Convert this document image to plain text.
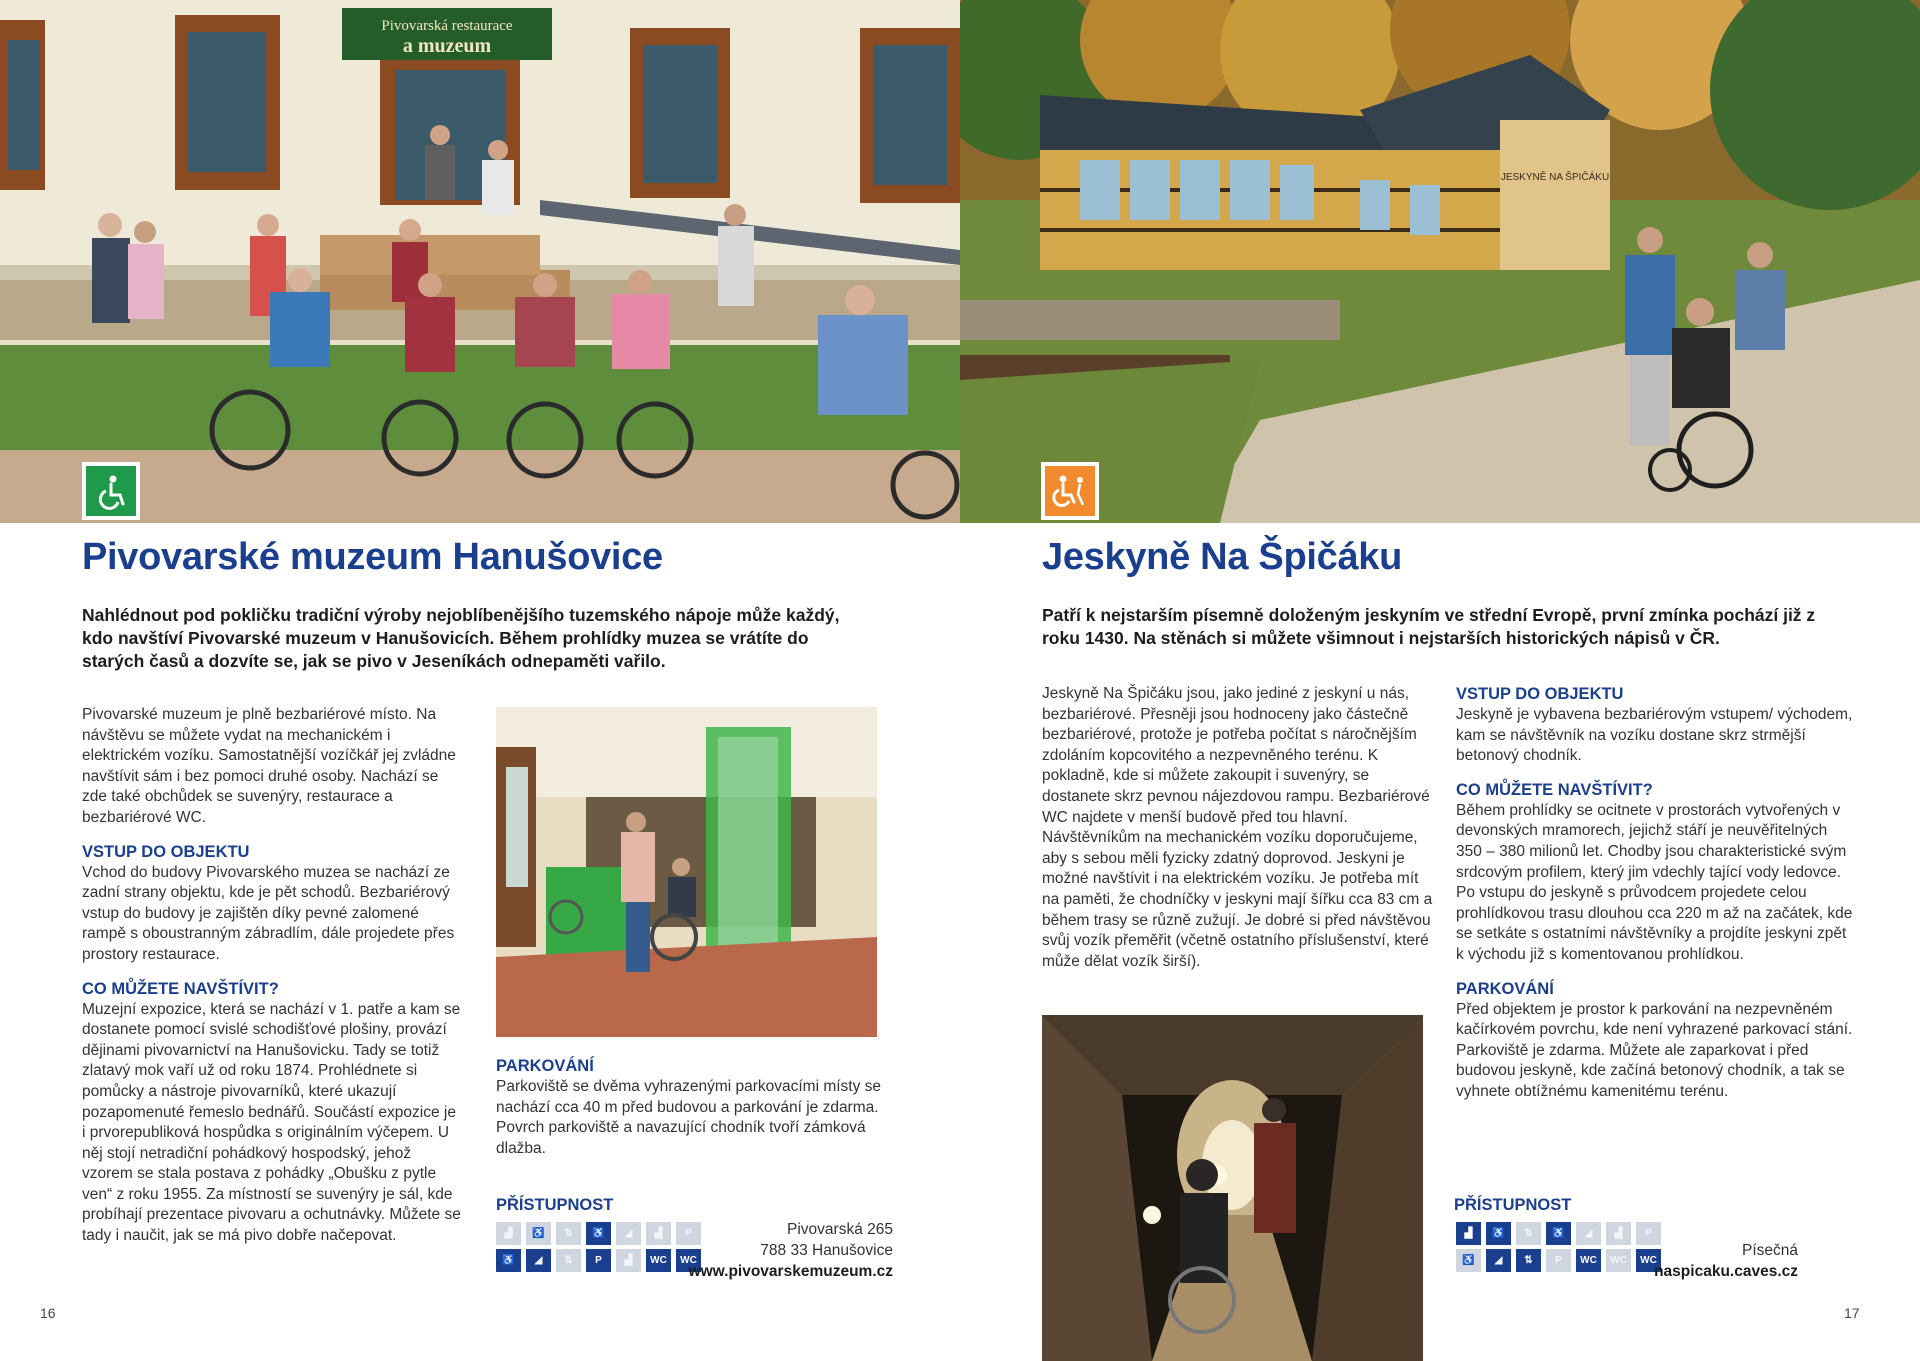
Pivovarská restaurace
a muzeum
Pivovarské muzeum Hanušovice

Nahlédnout pod pokličku tradiční výroby nejoblíbenějšího tuzemského nápoje může každý, kdo navštíví Pivovarské muzeum v Hanušovicích. Během prohlídky muzea se vrátíte do starých časů a dozvíte se, jak se pivo v Jeseníkách odnepaměti vařilo.

Pivovarské muzeum je plně bezbariérové místo. Na návštěvu se můžete vydat na mechanickém i elektrickém vozíku. Samostatnější vozíčkář jej zvládne navštívit sám i bez pomoci druhé osoby. Nachází se zde také obchůdek se suvenýry, restaurace a bezbariérové WC.

VSTUP DO OBJEKTU

Vchod do budovy Pivovarského muzea se nachází ze zadní strany objektu, kde je pět schodů. Bezbariérový vstup do budovy je zajištěn díky pevné zalomené rampě s oboustranným zábradlím, dále projedete přes prostory restaurace.

CO MŮŽETE NAVŠTÍVIT?

Muzejní expozice, která se nachází v 1. patře a kam se dostanete pomocí svislé schodišťové plošiny, provází dějinami pivovarnictví na Hanušovicku. Tady se totiž zlatavý mok vaří už od roku 1874. Prohlédnete si pomůcky a nástroje pivovarníků, které ukazují pozapomenuté řemeslo bednářů. Součástí expozice je i prvorepubliková hospůdka s originálním výčepem. U něj stojí netradiční pohádkový hospodský, jehož vzorem se stala postava z pohádky „Obušku z pytle ven“ z roku 1955. Za místností se suvenýry je sál, kde probíhají prezentace pivovaru a ochutnávky. Můžete se tady i naučit, jak se má pivo dobře načepovat.

PARKOVÁNÍ

Parkoviště se dvěma vyhrazenými parkovacími místy se nachází cca 40 m před budovou a parkování je zdarma. Povrch parkoviště a navazující chodník tvoří zámková dlažba.

PŘÍSTUPNOST
▟	♿	⇅	♿	◢	▟	P
♿	◢	⇅	P	▟	WC	WC
Pivovarská 265
788 33 Hanušovice
www.pivovarskemuzeum.cz
16
JESKYNĚ NA ŠPIČÁKU
Jeskyně Na Špičáku

Patří k nejstarším písemně doloženým jeskyním ve střední Evropě, první zmínka pochází již z roku 1430. Na stěnách si můžete všimnout i nejstarších historických nápisů v ČR.

Jeskyně Na Špičáku jsou, jako jediné z jeskyní u nás, bezbariérové. Přesněji jsou hodnoceny jako částečně bezbariérové, protože je potřeba počítat s náročnějším zdoláním kopcovitého a nezpevněného terénu. K pokladně, kde si můžete zakoupit i suvenýry, se dostanete skrz pevnou nájezdovou rampu. Bezbariérové WC najdete v menší budově před tou hlavní. Návštěvníkům na mechanickém vozíku doporučujeme, aby s sebou měli fyzicky zdatný doprovod. Jeskyni je možné navštívit i na elektrickém vozíku. Je potřeba mít na paměti, že chodníčky v jeskyni mají šířku cca 83 cm a během trasy se různě zužují. Je dobré si před návštěvou svůj vozík přeměřit (včetně ostatního příslušenství, které může dělat vozík širší).

VSTUP DO OBJEKTU

Jeskyně je vybavena bezbariérovým vstupem/ východem, kam se návštěvník na vozíku dostane skrz strmější betonový chodník.

CO MŮŽETE NAVŠTÍVIT?

Během prohlídky se ocitnete v prostorách vytvořených v devonských mramorech, jejichž stáří je neuvěřitelných 350 – 380 milionů let. Chodby jsou charakteristické svým srdcovým profilem, který jim vdechly tající vody ledovce. Po vstupu do jeskyně s průvodcem projedete celou prohlídkovou trasu dlouhou cca 220 m až na začátek, kde se setkáte s ostatními návštěvníky a projdíte jeskyni zpět k východu již s komentovanou prohlídkou.

PARKOVÁNÍ

Před objektem je prostor k parkování na nezpevněném kačírkovém povrchu, kde není vyhrazené parkovací stání. Parkoviště je zdarma. Můžete ale zaparkovat i před budovou jeskyně, kde začíná betonový chodník, a tak se vyhnete obtížnému kamenitému terénu.

PŘÍSTUPNOST
▟	♿	⇅	♿	◢	▟	P
♿	◢	⇅	P	WC	WC	WC
Písečná
naspicaku.caves.cz
17
